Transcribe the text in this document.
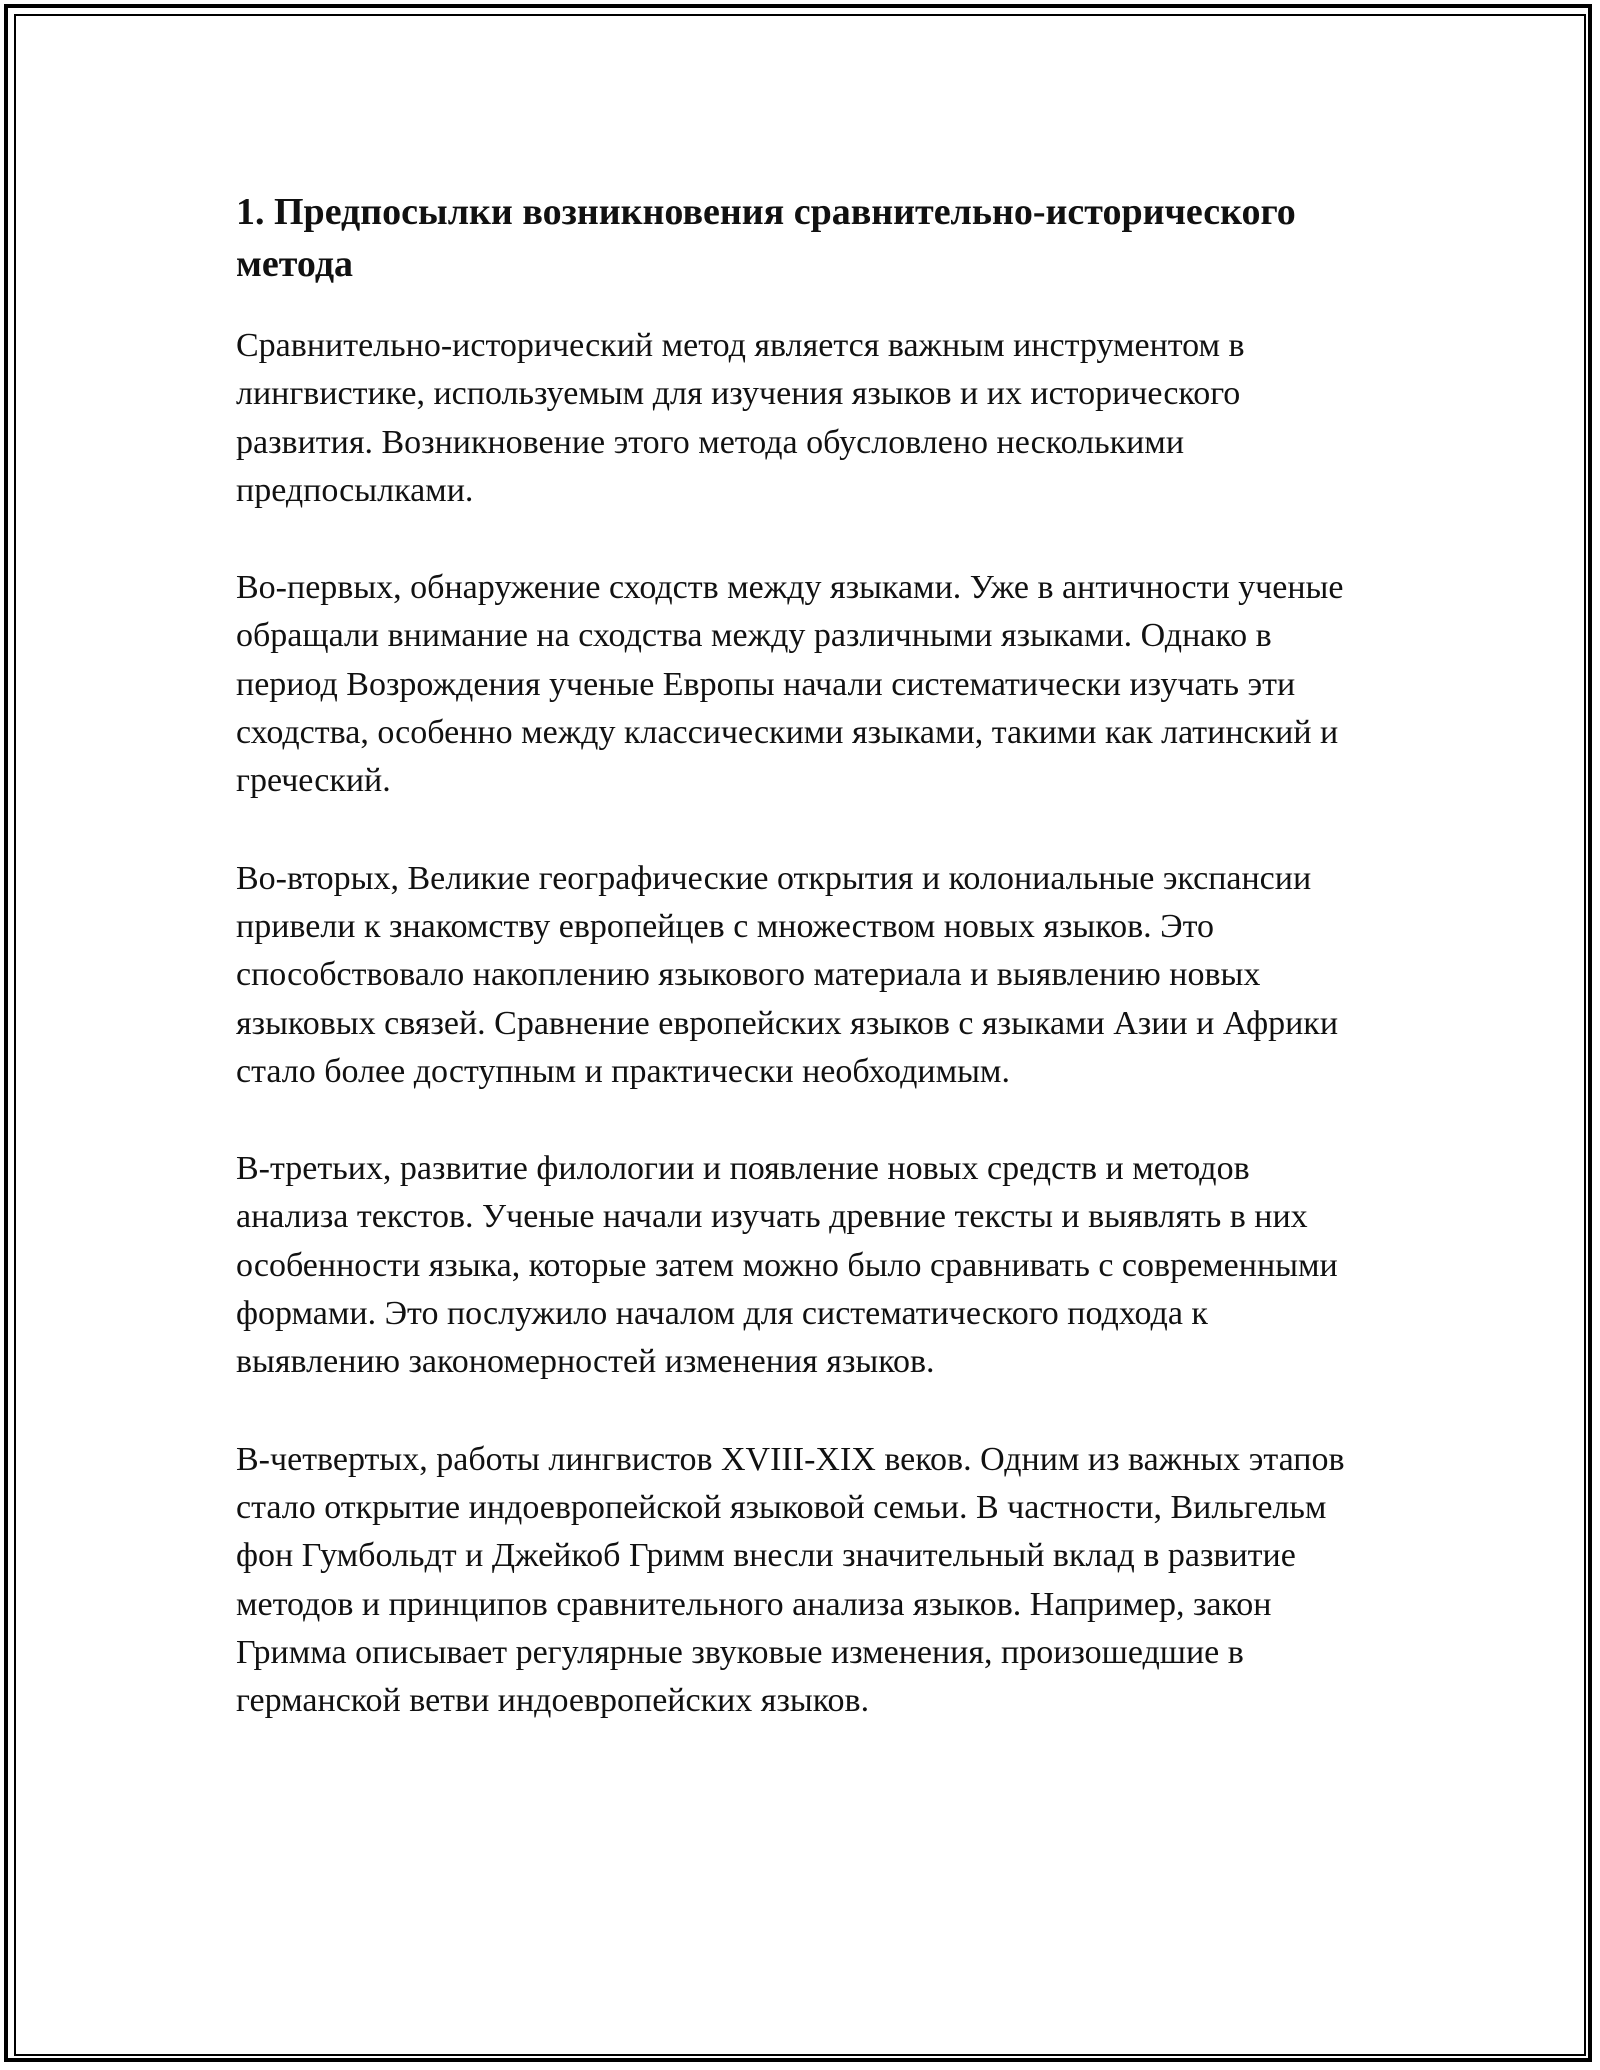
1. Предпосылки возникновения сравнительно-исторического метода

Сравнительно-исторический метод является важным инструментом в лингвистике, используемым для изучения языков и их исторического развития. Возникновение этого метода обусловлено несколькими предпосылками.

Во-первых, обнаружение сходств между языками. Уже в античности ученые обращали внимание на сходства между различными языками. Однако в период Возрождения ученые Европы начали систематически изучать эти сходства, особенно между классическими языками, такими как латинский и греческий.

Во-вторых, Великие географические открытия и колониальные экспансии привели к знакомству европейцев с множеством новых языков. Это способствовало накоплению языкового материала и выявлению новых языковых связей. Сравнение европейских языков с языками Азии и Африки стало более доступным и практически необходимым.

В-третьих, развитие филологии и появление новых средств и методов анализа текстов. Ученые начали изучать древние тексты и выявлять в них особенности языка, которые затем можно было сравнивать с современными формами. Это послужило началом для систематического подхода к выявлению закономерностей изменения языков.

В-четвертых, работы лингвистов XVIII-XIX веков. Одним из важных этапов стало открытие индоевропейской языковой семьи. В частности, Вильгельм фон Гумбольдт и Джейкоб Гримм внесли значительный вклад в развитие методов и принципов сравнительного анализа языков. Например, закон Гримма описывает регулярные звуковые изменения, произошедшие в германской ветви индоевропейских языков.
